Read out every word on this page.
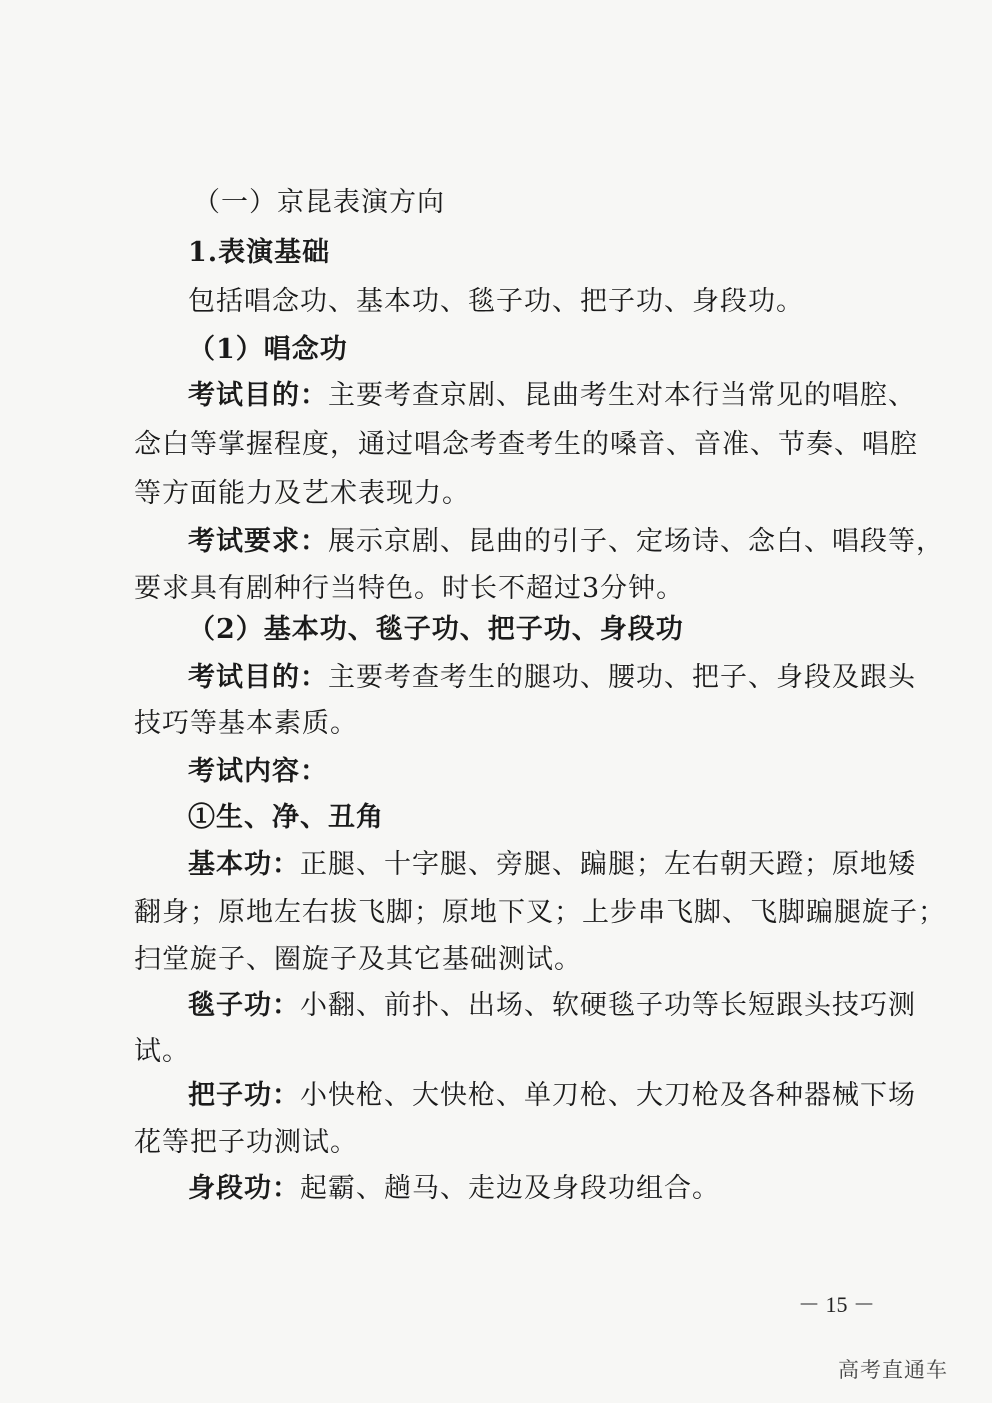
（一）京昆表演方向
1.表演基础
包括唱念功、基本功、毯子功、把子功、身段功。
（1）唱念功
考试目的：主要考查京剧、昆曲考生对本行当常见的唱腔、
念白等掌握程度，通过唱念考查考生的嗓音、音准、节奏、唱腔
等方面能力及艺术表现力。
考试要求：展示京剧、昆曲的引子、定场诗、念白、唱段等，
要求具有剧种行当特色。时长不超过3分钟。
（2）基本功、毯子功、把子功、身段功
考试目的：主要考查考生的腿功、腰功、把子、身段及跟头
技巧等基本素质。
考试内容：
①生、净、丑角
基本功：正腿、十字腿、旁腿、蹁腿；左右朝天蹬；原地矮
翻身；原地左右拔飞脚；原地下叉；上步串飞脚、飞脚蹁腿旋子；
扫堂旋子、圈旋子及其它基础测试。
毯子功：小翻、前扑、出场、软硬毯子功等长短跟头技巧测
试。
把子功：小快枪、大快枪、单刀枪、大刀枪及各种器械下场
花等把子功测试。
身段功：起霸、趟马、走边及身段功组合。
－ 15 －
高考直通车
